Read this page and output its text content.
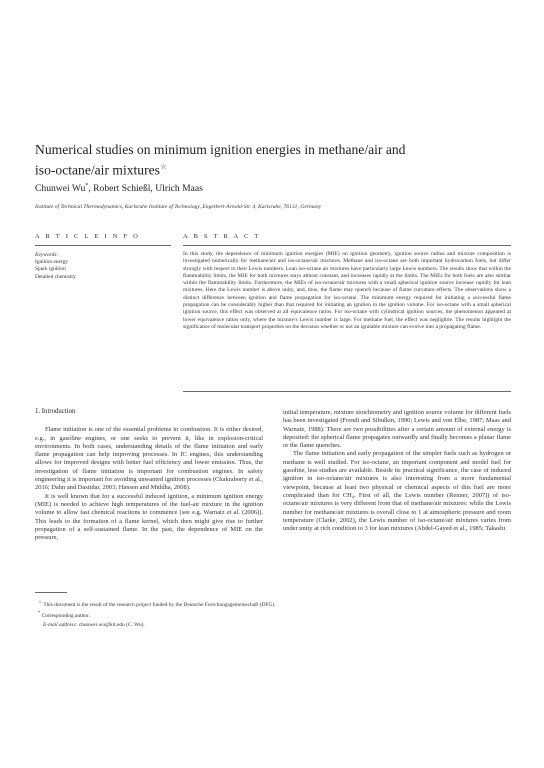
Numerical studies on minimum ignition energies in methane/air and
iso-octane/air mixtures☆
Chunwei Wu*, Robert Schießl, Ulrich Maas
Institute of Technical Thermodynamics, Karlsruhe Institute of Technology, Engelbert-Arnold-Str. 4, Karlsruhe, 76131, Germany
A R T I C L E I N F O	A B S T R A C T
Keywords:
Ignition energy
Spark ignition
Detailed chemistry
In this study, the dependence of minimum ignition energies (MIE) on ignition geometry, ignition source radius and mixture composition is investigated numerically for methane/air and iso-octane/air mixtures. Methane and iso-octane are both important hydrocarbon fuels, but differ strongly with respect to their Lewis numbers. Lean iso-octane air mixtures have particularly large Lewis numbers. The results show that within the flammability limits, the MIE for both mixtures stays almost constant, and increases rapidly at the limits. The MIEs for both fuels are also similar within the flammability limits. Furthermore, the MIEs of iso-octane/air mixtures with a small spherical ignition source increase rapidly for lean mixtures. Here the Lewis number is above unity, and, thus, the flame may quench because of flame curvature effects. The observations show a distinct difference between ignition and flame propagation for iso-octane. The minimum energy required for initiating a successful flame propagation can be considerably higher than that required for initiating an ignition in the ignition volume. For iso-octane with a small spherical ignition source, this effect was observed at all equivalence ratios. For iso-octane with cylindrical ignition sources, the phenomenon appeared at lower equivalence ratios only, where the mixture's Lewis number is large. For methane fuel, the effect was negligible. The results highlight the significance of molecular transport properties on the decision whether or not an ignitable mixture can evolve into a propagating flame.
1. Introduction

Flame initiation is one of the essential problems in combustion. It is either desired, e.g., in gasoline engines, or one seeks to prevent it, like in explosion-critical environments. In both cases, understanding details of the flame initiation and early flame propagation can help improving processes. In IC engines, this understanding allows for improved designs with better fuel efficiency and lower emission. Thus, the investigation of flame initiation is important for combustion engines. In safety engineering it is important for avoiding unwanted ignition processes (Chakraborty et al., 2016; Dahn and Dastidar, 2003; Hansen and Middha, 2008).

It is well known that for a successful induced ignition, a minimum ignition energy (MIE) is needed to achieve high temperatures of the fuel-air mixture in the ignition volume to allow fast chemical reactions to commence (see e.g. Warnatz et al. (2006)). This leads to the formation of a flame kernel, which then might give rise to further propagation of a self-sustained flame. In the past, the dependence of MIE on the pressure,

initial temperature, mixture stoichiometry and ignition source volume for different fuels has been investigated (Frendi and Sibulkin, 1990; Lewis and von Elbe, 1987; Maas and Warnatz, 1988). There are two possibilities after a certain amount of external energy is deposited: the spherical flame propagates outwardly and finally becomes a planar flame or the flame quenches.

The flame initiation and early propagation of the simpler fuels such as hydrogen or methane is well studied. For iso-octane, an important component and model fuel for gasoline, less studies are available. Beside its practical significance, the case of induced ignition in iso-octane/air mixtures is also interesting from a more fundamental viewpoint, because at least two physical or chemical aspects of this fuel are more complicated than for CH₄. First of all, the Lewis number (Renner, 2007)) of iso-octane/air mixtures is very different from that of methane/air mixtures: while the Lewis number for methane/air mixtures is overall close to 1 at atmospheric pressure and room temperature (Clarke, 2002), the Lewis number of iso-octane/air mixtures varies from under unity at rich condition to 3 for lean mixtures (Abdel-Gayed et al., 1985; Takashi

☆ This document is the result of the research project funded by the Deutsche Forschungsgemeinschaft (DFG).
* Corresponding author.
E-mail address: chunwei.wu@kit.edu (C. Wu).
